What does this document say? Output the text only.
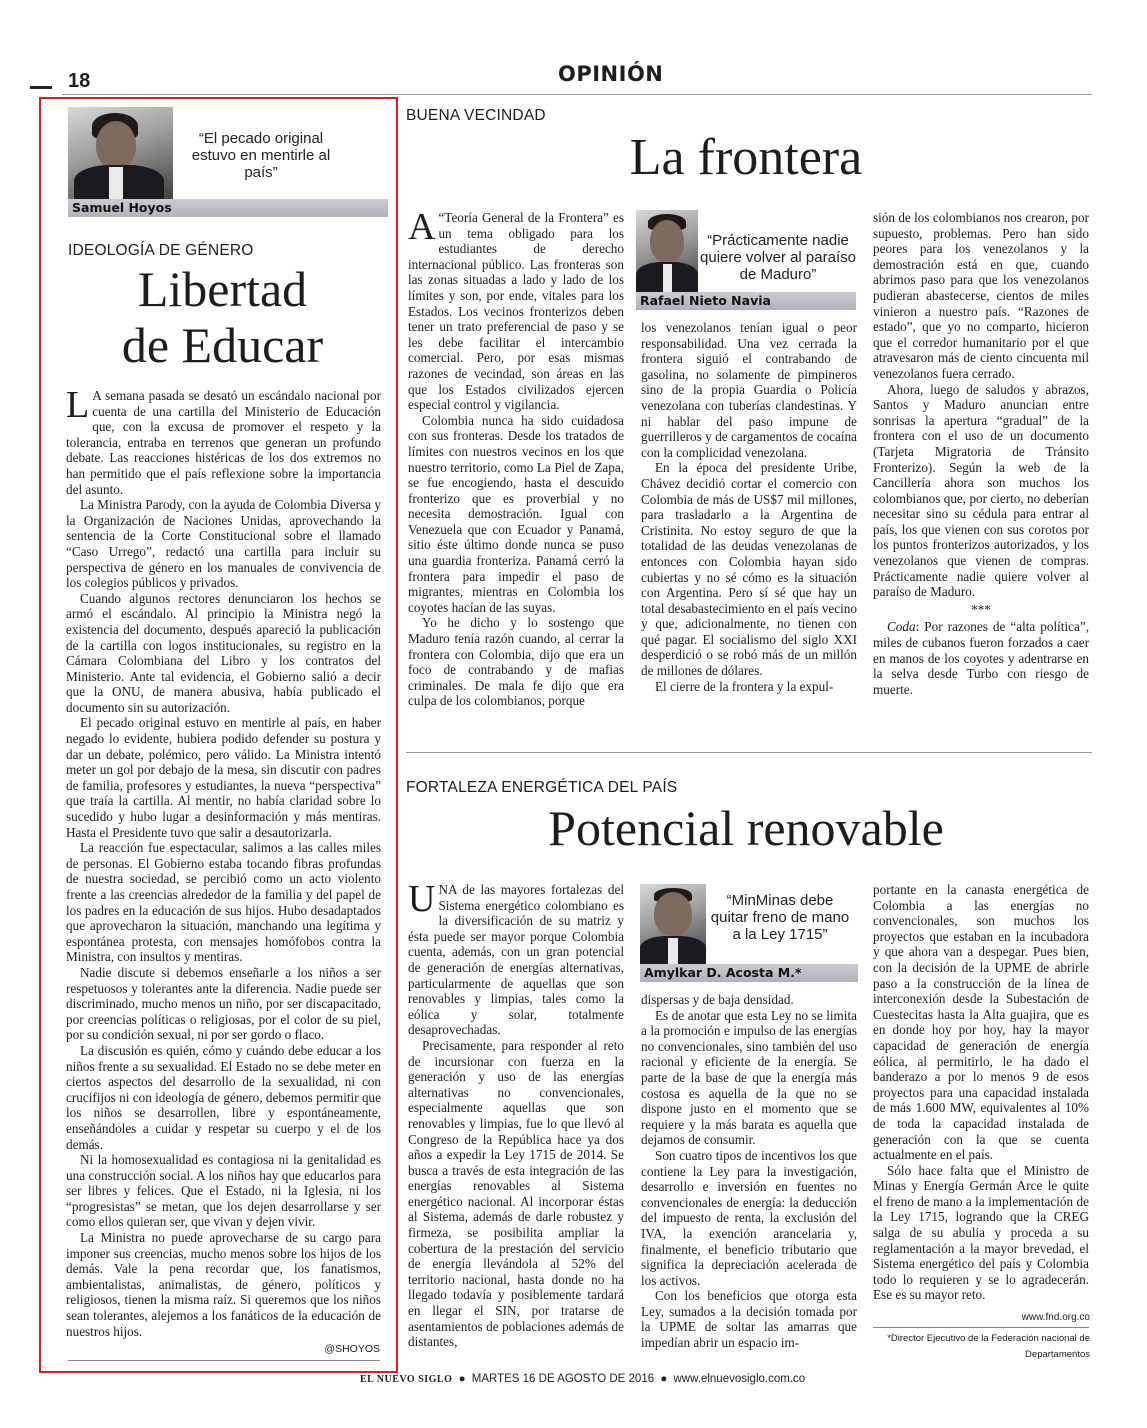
18	OPINIÓN
“El pecado original estuvo en mentirle al país”
Samuel Hoyos
IDEOLOGÍA DE GÉNERO
Libertad
de Educar

L A semana pasada se desató un escándalo nacional por cuenta de una cartilla del Ministerio de Educación que, con la excusa de promover el respeto y la tolerancia, entraba en terrenos que generan un profundo debate. Las reacciones histéricas de los dos extremos no han permitido que el país reflexione sobre la importancia del asunto.

La Ministra Parody, con la ayuda de Colombia Diversa y la Organización de Naciones Unidas, aprovechando la sentencia de la Corte Constitucional sobre el llamado “Caso Urrego”, redactó una cartilla para incluir su perspectiva de género en los manuales de convivencia de los colegios públicos y privados.

Cuando algunos rectores denunciaron los hechos se armó el escándalo. Al principio la Ministra negó la existencia del documento, después apareció la publicación de la cartilla con logos institucionales, su registro en la Cámara Colombiana del Libro y los contratos del Ministerio. Ante tal evidencia, el Gobierno salió a decir que la ONU, de manera abusiva, había publicado el documento sin su autorización.

El pecado original estuvo en mentirle al país, en haber negado lo evidente, hubiera podido defender su postura y dar un debate, polémico, pero válido. La Ministra intentó meter un gol por debajo de la mesa, sin discutir con padres de familia, profesores y estudiantes, la nueva “perspectiva” que traía la cartilla. Al mentir, no había claridad sobre lo sucedido y hubo lugar a desinformación y más mentiras. Hasta el Presidente tuvo que salir a desautorizarla.

La reacción fue espectacular, salimos a las calles miles de personas. El Gobierno estaba tocando fibras profundas de nuestra sociedad, se percibió como un acto violento frente a las creencias alrededor de la familia y del papel de los padres en la educación de sus hijos. Hubo desadaptados que aprovecharon la situación, manchando una legítima y espontánea protesta, con mensajes homófobos contra la Ministra, con insultos y mentiras.

Nadie discute si debemos enseñarle a los niños a ser respetuosos y tolerantes ante la diferencia. Nadie puede ser discriminado, mucho menos un niño, por ser discapacitado, por creencias políticas o religiosas, por el color de su piel, por su condición sexual, ni por ser gordo o flaco.

La discusión es quién, cómo y cuándo debe educar a los niños frente a su sexualidad. El Estado no se debe meter en ciertos aspectos del desarrollo de la sexualidad, ni con crucifijos ni con ideología de género, debemos permitir que los niños se desarrollen, libre y espontáneamente, enseñándoles a cuidar y respetar su cuerpo y el de los demás.

Ni la homosexualidad es contagiosa ni la genitalidad es una construcción social. A los niños hay que educarlos para ser libres y felices. Que el Estado, ni la Iglesia, ni los “progresistas” se metan, que los dejen desarrollarse y ser como ellos quieran ser, que vivan y dejen vivir.

La Ministra no puede aprovecharse de su cargo para imponer sus creencias, mucho menos sobre los hijos de los demás. Vale la pena recordar que, los fanatismos, ambientalistas, animalistas, de género, políticos y religiosos, tienen la misma raíz. Si queremos que los niños sean tolerantes, alejemos a los fanáticos de la educación de nuestros hijos.

@SHOYOS
BUENA VECINDAD
La frontera

A “Teoría General de la Frontera” es un tema obligado para los estudiantes de derecho internacional público. Las fronteras son las zonas situadas a lado y lado de los límites y son, por ende, vitales para los Estados. Los vecinos fronterizos deben tener un trato preferencial de paso y se les debe facilitar el intercambio comercial. Pero, por esas mismas razones de vecindad, son áreas en las que los Estados civilizados ejercen especial control y vigilancia.

Colombia nunca ha sido cuidadosa con sus fronteras. Desde los tratados de límites con nuestros vecinos en los que nuestro territorio, como La Piel de Zapa, se fue encogiendo, hasta el descuido fronterizo que es proverbial y no necesita demostración. Igual con Venezuela que con Ecuador y Panamá, sitio éste último donde nunca se puso una guardia fronteriza. Panamá cerró la frontera para impedir el paso de migrantes, mientras en Colombia los coyotes hacían de las suyas.

Yo he dicho y lo sostengo que Maduro tenía razón cuando, al cerrar la frontera con Colombia, dijo que era un foco de contrabando y de mafias criminales. De mala fe dijo que era culpa de los colombianos, porque

“Prácticamente nadie quiere volver al paraíso de Maduro”
Rafael Nieto Navia

los venezolanos tenían igual o peor responsabilidad. Una vez cerrada la frontera siguió el contrabando de gasolina, no solamente de pimpineros sino de la propia Guardia o Policía venezolana con tuberías clandestinas. Y ni hablar del paso impune de guerrilleros y de cargamentos de cocaína con la complicidad venezolana.

En la época del presidente Uribe, Chávez decidió cortar el comercio con Colombia de más de US$7 mil millones, para trasladarlo a la Argentina de Cristinita. No estoy seguro de que la totalidad de las deudas venezolanas de entonces con Colombia hayan sido cubiertas y no sé cómo es la situación con Argentina. Pero sí sé que hay un total desabastecimiento en el país vecino y que, adicionalmente, no tienen con qué pagar. El socialismo del siglo XXI desperdició o se robó más de un millón de millones de dólares.

El cierre de la frontera y la expul-

sión de los colombianos nos crearon, por supuesto, problemas. Pero han sido peores para los venezolanos y la demostración está en que, cuando abrimos paso para que los venezolanos pudieran abastecerse, cientos de miles vinieron a nuestro país. “Razones de estado”, que yo no comparto, hicieron que el corredor humanitario por el que atravesaron más de ciento cincuenta mil venezolanos fuera cerrado.

Ahora, luego de saludos y abrazos, Santos y Maduro anuncian entre sonrisas la apertura “gradual” de la frontera con el uso de un documento (Tarjeta Migratoria de Tránsito Fronterizo). Según la web de la Cancillería ahora son muchos los colombianos que, por cierto, no deberían necesitar sino su cédula para entrar al país, los que vienen con sus corotos por los puntos fronterizos autorizados, y los venezolanos que vienen de compras. Prácticamente nadie quiere volver al paraíso de Maduro.

***

Coda: Por razones de “alta política”, miles de cubanos fueron forzados a caer en manos de los coyotes y adentrarse en la selva desde Turbo con riesgo de muerte.

FORTALEZA ENERGÉTICA DEL PAÍS
Potencial renovable

UNA de las mayores fortalezas del Sistema energético colombiano es la diversificación de su matriz y ésta puede ser mayor porque Colombia cuenta, además, con un gran potencial de generación de energías alternativas, particularmente de aquellas que son renovables y limpias, tales como la eólica y solar, totalmente desaprovechadas.

Precisamente, para responder al reto de incursionar con fuerza en la generación y uso de las energías alternativas no convencionales, especialmente aquellas que son renovables y limpias, fue lo que llevó al Congreso de la República hace ya dos años a expedir la Ley 1715 de 2014. Se busca a través de esta integración de las energías renovables al Sistema energético nacional. Al incorporar éstas al Sistema, además de darle robustez y firmeza, se posibilita ampliar la cobertura de la prestación del servicio de energía llevándola al 52% del territorio nacional, hasta donde no ha llegado todavía y posiblemente tardará en llegar el SIN, por tratarse de asentamientos de poblaciones además de distantes,

“MinMinas debe quitar freno de mano a la Ley 1715”
Amylkar D. Acosta M.*

dispersas y de baja densidad.

Es de anotar que esta Ley no se limita a la promoción e impulso de las energías no convencionales, sino también del uso racional y eficiente de la energía. Se parte de la base de que la energía más costosa es aquella de la que no se dispone justo en el momento que se requiere y la más barata es aquella que dejamos de consumir.

Son cuatro tipos de incentivos los que contiene la Ley para la investigación, desarrollo e inversión en fuentes no convencionales de energía: la deducción del impuesto de renta, la exclusión del IVA, la exención arancelaria y, finalmente, el beneficio tributario que significa la depreciación acelerada de los activos.

Con los beneficios que otorga esta Ley, sumados a la decisión tomada por la UPME de soltar las amarras que impedían abrir un espacio im-

portante en la canasta energética de Colombia a las energías no convencionales, son muchos los proyectos que estaban en la incubadora y que ahora van a despegar. Pues bien, con la decisión de la UPME de abrirle paso a la construcción de la línea de interconexión desde la Subestación de Cuestecitas hasta la Alta guajira, que es en donde hoy por hoy, hay la mayor capacidad de generación de energía eólica, al permitirlo, le ha dado el banderazo a por lo menos 9 de esos proyectos para una capacidad instalada de más 1.600 MW, equivalentes al 10% de toda la capacidad instalada de generación con la que se cuenta actualmente en el país.

Sólo hace falta que el Ministro de Minas y Energía Germán Arce le quite el freno de mano a la implementación de la Ley 1715, logrando que la CREG salga de su abulia y proceda a su reglamentación a la mayor brevedad, el Sistema energético del país y Colombia todo lo requieren y se lo agradecerán. Ese es su mayor reto.

www.fnd.org.co
*Director Ejecutivo de la Federación nacional de Departamentos
EL NUEVO SIGLO ● MARTES 16 DE AGOSTO DE 2016 ● www.elnuevosiglo.com.co
